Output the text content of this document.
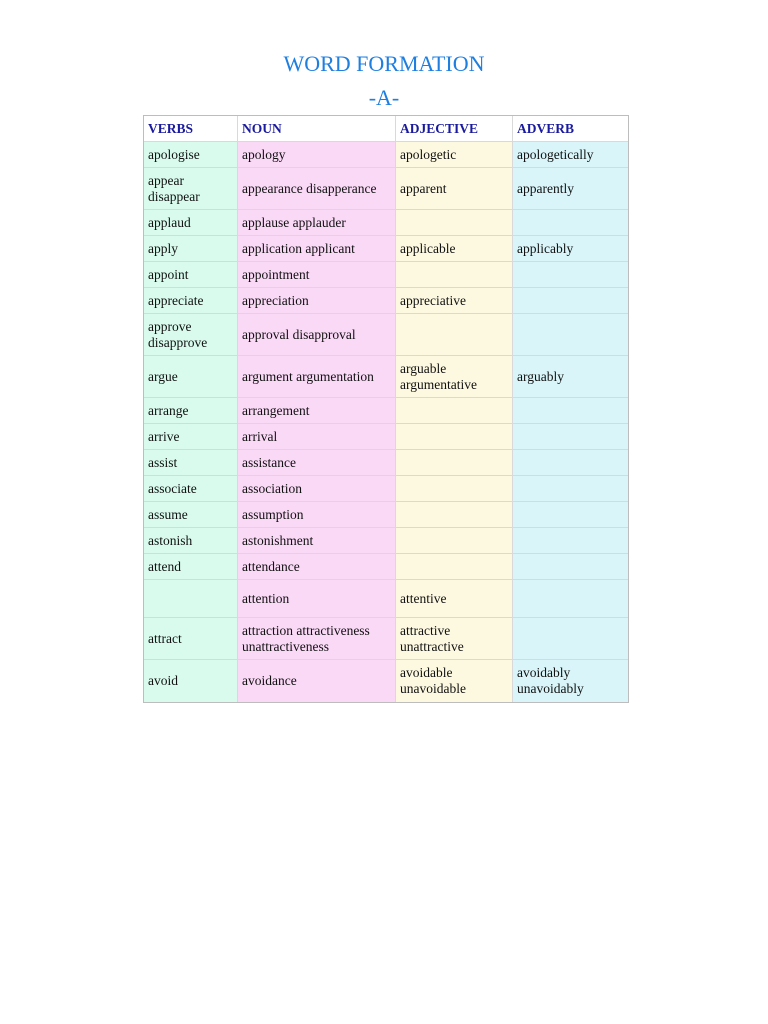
WORD FORMATION
-A-
VERBS	NOUN	ADJECTIVE	ADVERB
apologise	apology	apologetic	apologetically
appear disappear	appearance disapperance	apparent	apparently
applaud	applause applauder		
apply	application applicant	applicable	applicably
appoint	appointment		
appreciate	appreciation	appreciative	
approve disapprove	approval disapproval		
argue	argument argumentation	arguable argumentative	arguably
arrange	arrangement		
arrive	arrival		
assist	assistance		
associate	association		
assume	assumption		
astonish	astonishment		
attend	attendance		
	attention	attentive	
attract	attraction attractiveness unattractiveness	attractive unattractive	
avoid	avoidance	avoidable unavoidable	avoidably unavoidably
